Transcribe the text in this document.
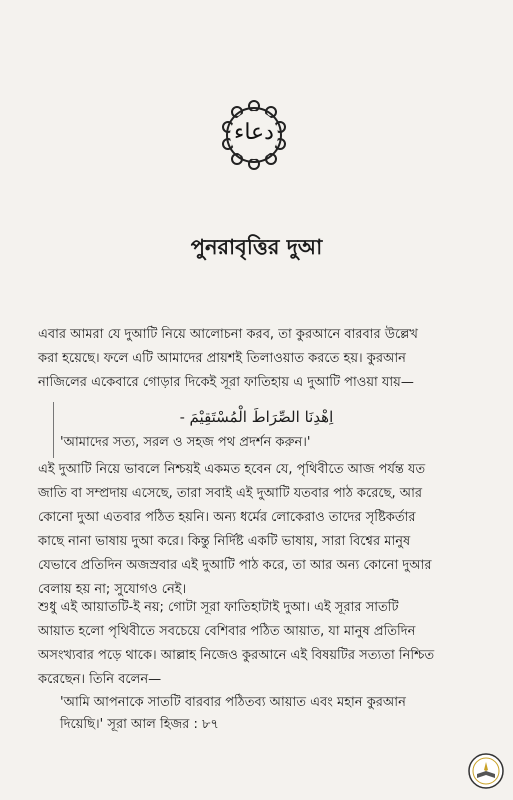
دعاء
পুনরাবৃত্তির দুআ

এবার আমরা যে দুআটি নিয়ে আলোচনা করব, তা কুরআনে বারবার উল্লেখ
করা হয়েছে। ফলে এটি আমাদের প্রায়শই তিলাওয়াত করতে হয়। কুরআন
নাজিলের একেবারে গোড়ার দিকেই সূরা ফাতিহায় এ দুআটি পাওয়া যায়—

اِهْدِنَا الصِّرَاطَ الْمُسْتَقِيْمَ -
'আমাদের সত্য, সরল ও সহজ পথ প্রদর্শন করুন।'

এই দুআটি নিয়ে ভাবলে নিশ্চয়ই একমত হবেন যে, পৃথিবীতে আজ পর্যন্ত যত
জাতি বা সম্প্রদায় এসেছে, তারা সবাই এই দুআটি যতবার পাঠ করেছে, আর
কোনো দুআ এতবার পঠিত হয়নি। অন্য ধর্মের লোকেরাও তাদের সৃষ্টিকর্তার
কাছে নানা ভাষায় দুআ করে। কিন্তু নির্দিষ্ট একটি ভাষায়, সারা বিশ্বের মানুষ
যেভাবে প্রতিদিন অজস্রবার এই দুআটি পাঠ করে, তা আর অন্য কোনো দুআর
বেলায় হয় না; সুযোগও নেই।

শুধু এই আয়াতটি-ই নয়; গোটা সূরা ফাতিহাটাই দুআ। এই সূরার সাতটি
আয়াত হলো পৃথিবীতে সবচেয়ে বেশিবার পঠিত আয়াত, যা মানুষ প্রতিদিন
অসংখ্যবার পড়ে থাকে। আল্লাহ নিজেও কুরআনে এই বিষয়টির সত্যতা নিশ্চিত
করেছেন। তিনি বলেন—

'আমি আপনাকে সাতটি বারবার পঠিতব্য আয়াত এবং মহান কুরআন
দিয়েছি।' সূরা আল হিজর : ৮৭
